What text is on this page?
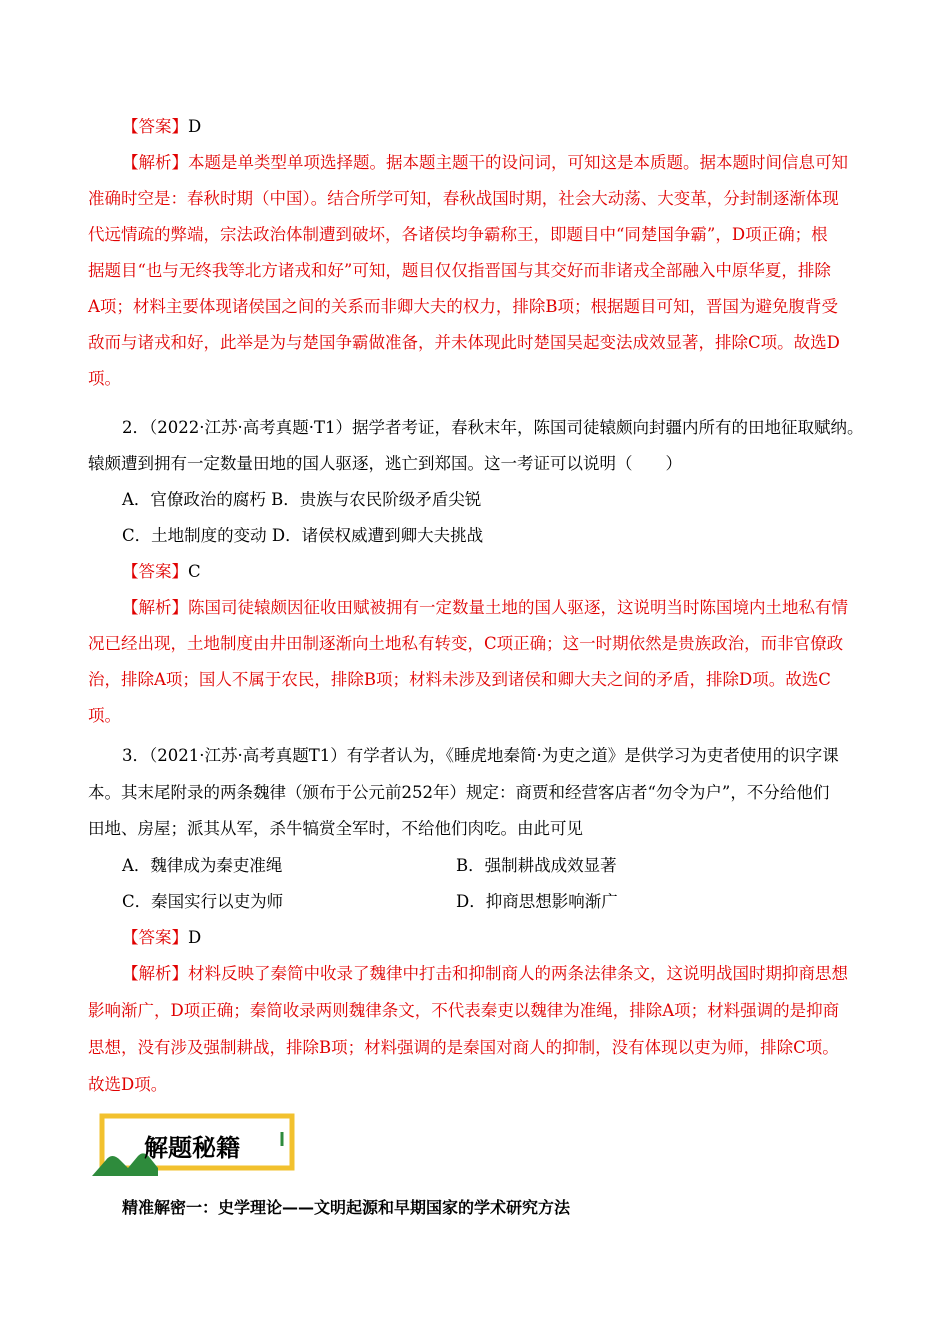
【答案】D
【解析】本题是单类型单项选择题。据本题主题干的设问词，可知这是本质题。据本题时间信息可知
准确时空是：春秋时期（中国）。结合所学可知，春秋战国时期，社会大动荡、大变革，分封制逐渐体现
代远情疏的弊端，宗法政治体制遭到破坏，各诸侯均争霸称王，即题目中“同楚国争霸”，D项正确；根
据题目“也与无终我等北方诸戎和好”可知，题目仅仅指晋国与其交好而非诸戎全部融入中原华夏，排除
A项；材料主要体现诸侯国之间的关系而非卿大夫的权力，排除B项；根据题目可知，晋国为避免腹背受
敌而与诸戎和好，此举是为与楚国争霸做准备，并未体现此时楚国吴起变法成效显著，排除C项。故选D
项。
2．（2022·江苏·高考真题·T1）据学者考证，春秋末年，陈国司徒辕颇向封疆内所有的田地征取赋纳。
辕颇遭到拥有一定数量田地的国人驱逐，逃亡到郑国。这一考证可以说明（　　）
A．官僚政治的腐朽 B．贵族与农民阶级矛盾尖锐
C．土地制度的变动 D．诸侯权威遭到卿大夫挑战
【答案】C
【解析】陈国司徒辕颇因征收田赋被拥有一定数量土地的国人驱逐，这说明当时陈国境内土地私有情
况已经出现，土地制度由井田制逐渐向土地私有转变，C项正确；这一时期依然是贵族政治，而非官僚政
治，排除A项；国人不属于农民，排除B项；材料未涉及到诸侯和卿大夫之间的矛盾，排除D项。故选C
项。
3．（2021·江苏·高考真题T1）有学者认为，《睡虎地秦简·为吏之道》是供学习为吏者使用的识字课
本。其末尾附录的两条魏律（颁布于公元前252年）规定：商贾和经营客店者“勿令为户”，不分给他们
田地、房屋；派其从军，杀牛犒赏全军时，不给他们肉吃。由此可见
A．魏律成为秦吏准绳	B．强制耕战成效显著
C．秦国实行以吏为师	D．抑商思想影响渐广
【答案】D
【解析】材料反映了秦简中收录了魏律中打击和抑制商人的两条法律条文，这说明战国时期抑商思想
影响渐广，D项正确；秦简收录两则魏律条文，不代表秦吏以魏律为准绳，排除A项；材料强调的是抑商
思想，没有涉及强制耕战，排除B项；材料强调的是秦国对商人的抑制，没有体现以吏为师，排除C项。
故选D项。
解题秘籍
精准解密一：史学理论——文明起源和早期国家的学术研究方法
